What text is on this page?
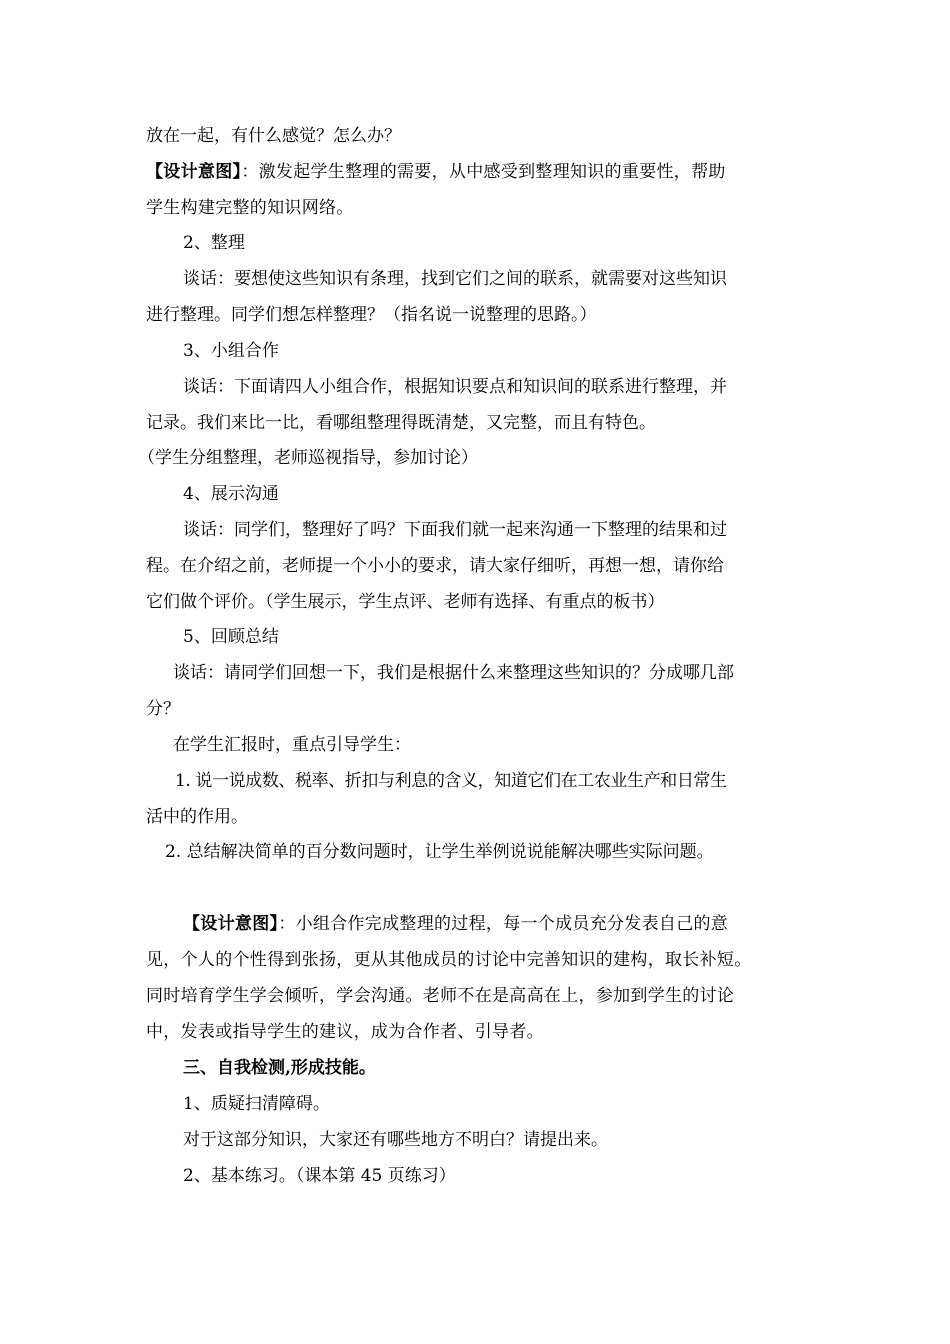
放在一起，有什么感觉？怎么办？
【设计意图】：激发起学生整理的需要，从中感受到整理知识的重要性，帮助
学生构建完整的知识网络。
2、整理
谈话：要想使这些知识有条理，找到它们之间的联系，就需要对这些知识
进行整理。同学们想怎样整理？（指名说一说整理的思路。）
3、小组合作
谈话：下面请四人小组合作，根据知识要点和知识间的联系进行整理，并
记录。我们来比一比，看哪组整理得既清楚，又完整，而且有特色。
（学生分组整理，老师巡视指导，参加讨论）
4、展示沟通
谈话：同学们，整理好了吗？下面我们就一起来沟通一下整理的结果和过
程。在介绍之前，老师提一个小小的要求，请大家仔细听，再想一想，请你给
它们做个评价。（学生展示，学生点评、老师有选择、有重点的板书）
5、回顾总结
谈话：请同学们回想一下，我们是根据什么来整理这些知识的？分成哪几部
分？
在学生汇报时，重点引导学生：
1. 说一说成数、税率、折扣与利息的含义，知道它们在工农业生产和日常生
活中的作用。
2. 总结解决简单的百分数问题时，让学生举例说说能解决哪些实际问题。
【设计意图】：小组合作完成整理的过程，每一个成员充分发表自己的意
见，个人的个性得到张扬，更从其他成员的讨论中完善知识的建构，取长补短。
同时培育学生学会倾听，学会沟通。老师不在是高高在上，参加到学生的讨论
中，发表或指导学生的建议，成为合作者、引导者。
三、自我检测,形成技能。
1、质疑扫清障碍。
对于这部分知识，大家还有哪些地方不明白？请提出来。
2、基本练习。（课本第 45 页练习）
